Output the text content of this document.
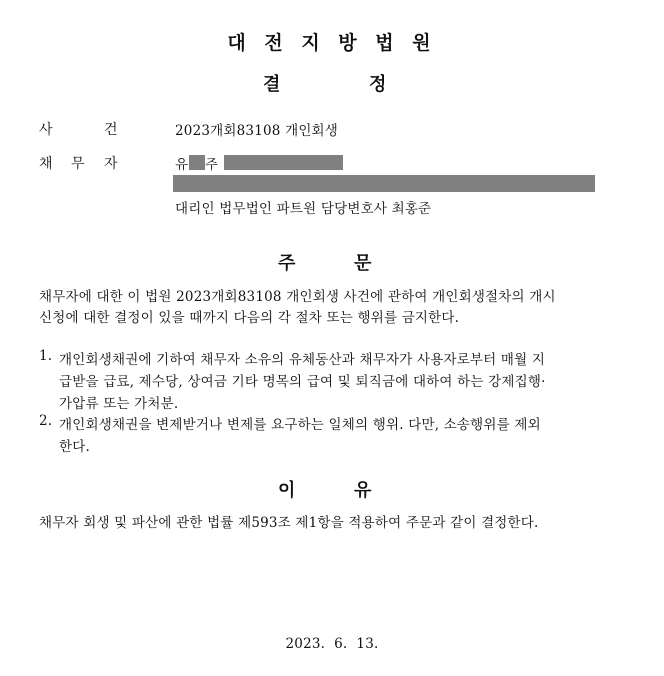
대 전 지 방 법 원
결	정
사	건	2023개회83108 개인회생
채 무 자	유 주
대리인 법무법인 파트원 담당변호사 최홍준
주	문
채무자에 대한 이 법원 2023개회83108 개인회생 사건에 관하여 개인회생절차의 개시
신청에 대한 결정이 있을 때까지 다음의 각 절차 또는 행위를 금지한다.
1. 개인회생채권에 기하여 채무자 소유의 유체동산과 채무자가 사용자로부터 매월 지
급받을 급료, 제수당, 상여금 기타 명목의 급여 및 퇴직금에 대하여 하는 강제집행·
가압류 또는 가처분.
2. 개인회생채권을 변제받거나 변제를 요구하는 일체의 행위. 다만, 소송행위를 제외
한다.
이	유
채무자 회생 및 파산에 관한 법률 제593조 제1항을 적용하여 주문과 같이 결정한다.
2023.  6.  13.
